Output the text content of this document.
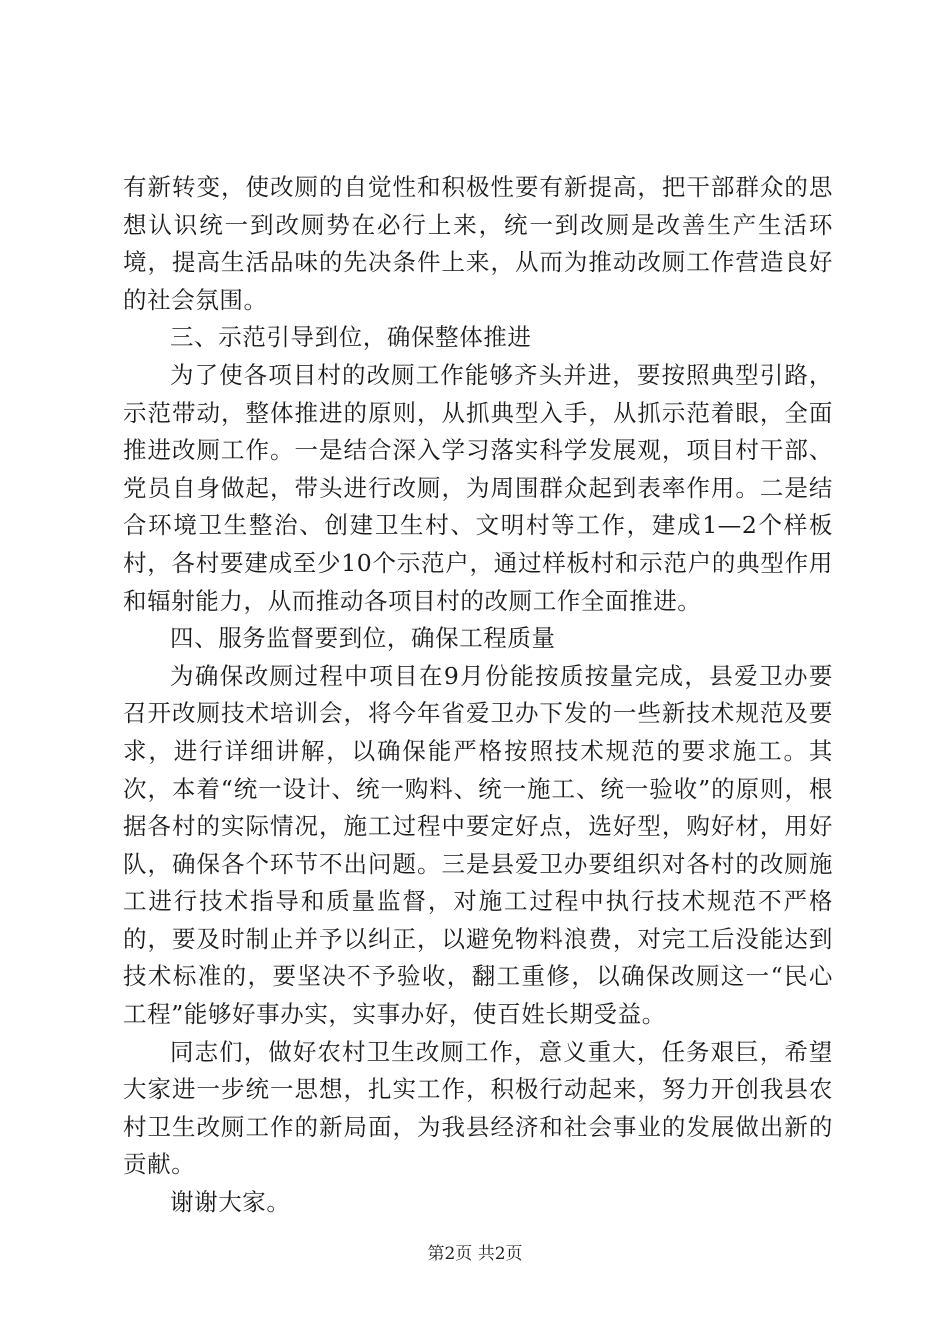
有新转变，使改厕的自觉性和积极性要有新提高，把干部群众的思想认识统一到改厕势在必行上来，统一到改厕是改善生产生活环境，提高生活品味的先决条件上来，从而为推动改厕工作营造良好的社会氛围。

三、示范引导到位，确保整体推进

为了使各项目村的改厕工作能够齐头并进，要按照典型引路，示范带动，整体推进的原则，从抓典型入手，从抓示范着眼，全面推进改厕工作。一是结合深入学习落实科学发展观，项目村干部、党员自身做起，带头进行改厕，为周围群众起到表率作用。二是结合环境卫生整治、创建卫生村、文明村等工作，建成1—2个样板村，各村要建成至少10个示范户，通过样板村和示范户的典型作用和辐射能力，从而推动各项目村的改厕工作全面推进。

四、服务监督要到位，确保工程质量

为确保改厕过程中项目在9月份能按质按量完成，县爱卫办要召开改厕技术培训会，将今年省爱卫办下发的一些新技术规范及要求，进行详细讲解，以确保能严格按照技术规范的要求施工。其次，本着“统一设计、统一购料、统一施工、统一验收”的原则，根据各村的实际情况，施工过程中要定好点，选好型，购好材，用好队，确保各个环节不出问题。三是县爱卫办要组织对各村的改厕施工进行技术指导和质量监督，对施工过程中执行技术规范不严格的，要及时制止并予以纠正，以避免物料浪费，对完工后没能达到技术标准的，要坚决不予验收，翻工重修，以确保改厕这一“民心工程”能够好事办实，实事办好，使百姓长期受益。

同志们，做好农村卫生改厕工作，意义重大，任务艰巨，希望大家进一步统一思想，扎实工作，积极行动起来，努力开创我县农村卫生改厕工作的新局面，为我县经济和社会事业的发展做出新的贡献。

谢谢大家。

第2页 共2页
